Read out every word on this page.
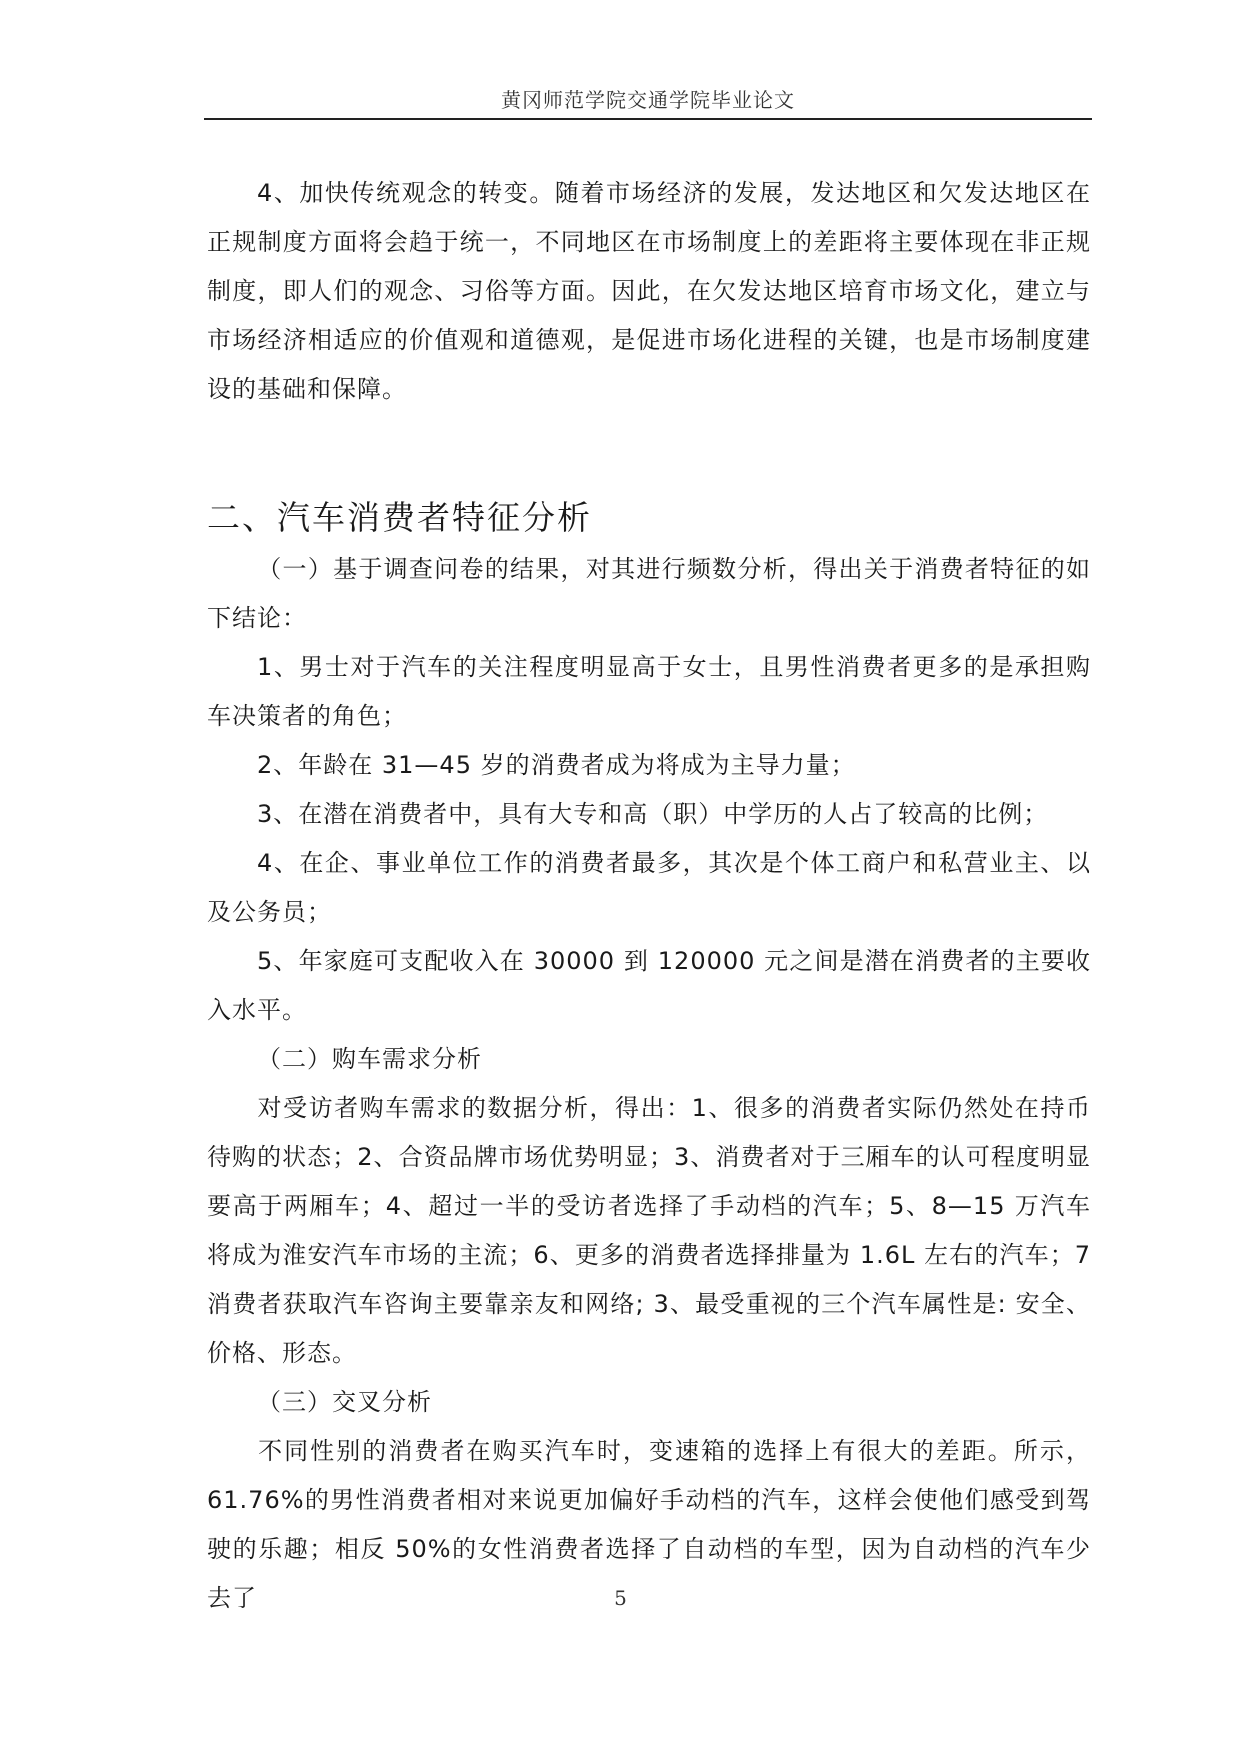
黄冈师范学院交通学院毕业论文

4、加快传统观念的转变。随着市场经济的发展，发达地区和欠发达地区在正规制度方面将会趋于统一，不同地区在市场制度上的差距将主要体现在非正规制度，即人们的观念、习俗等方面。因此，在欠发达地区培育市场文化，建立与市场经济相适应的价值观和道德观，是促进市场化进程的关键，也是市场制度建设的基础和保障。

二、汽车消费者特征分析

（一）基于调查问卷的结果，对其进行频数分析，得出关于消费者特征的如下结论：

1、男士对于汽车的关注程度明显高于女士，且男性消费者更多的是承担购车决策者的角色；

2、年龄在 31—45 岁的消费者成为将成为主导力量；

3、在潜在消费者中，具有大专和高（职）中学历的人占了较高的比例；

4、在企、事业单位工作的消费者最多，其次是个体工商户和私营业主、以及公务员；

5、年家庭可支配收入在 30000 到 120000 元之间是潜在消费者的主要收入水平。

（二）购车需求分析

对受访者购车需求的数据分析，得出：1、很多的消费者实际仍然处在持币待购的状态；2、合资品牌市场优势明显；3、消费者对于三厢车的认可程度明显要高于两厢车；4、超过一半的受访者选择了手动档的汽车；5、8—15 万汽车将成为淮安汽车市场的主流；6、更多的消费者选择排量为 1.6L 左右的汽车；7 消费者获取汽车咨询主要靠亲友和网络; 3、最受重视的三个汽车属性是: 安全、价格、形态。

（三）交叉分析

不同性别的消费者在购买汽车时，变速箱的选择上有很大的差距。所示，61.76%的男性消费者相对来说更加偏好手动档的汽车，这样会使他们感受到驾驶的乐趣；相反 50%的女性消费者选择了自动档的车型，因为自动档的汽车少去了	5
